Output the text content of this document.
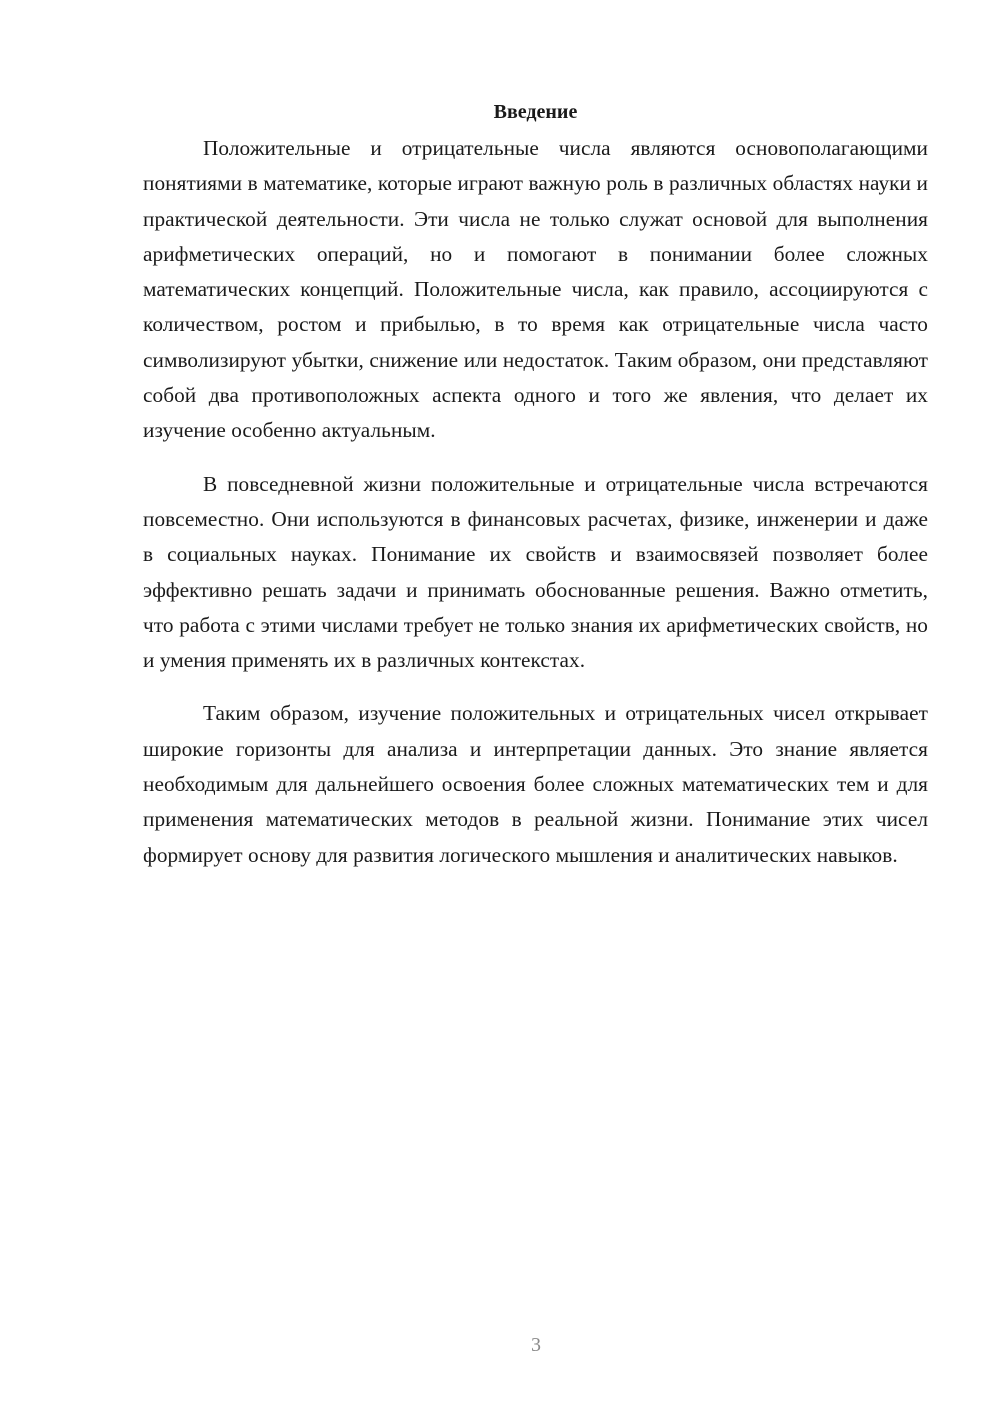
Введение

Положительные и отрицательные числа являются основополагающими понятиями в математике, которые играют важную роль в различных областях науки и практической деятельности. Эти числа не только служат основой для выполнения арифметических операций, но и помогают в понимании более сложных математических концепций. Положительные числа, как правило, ассоциируются с количеством, ростом и прибылью, в то время как отрицательные числа часто символизируют убытки, снижение или недостаток. Таким образом, они представляют собой два противоположных аспекта одного и того же явления, что делает их изучение особенно актуальным.

В повседневной жизни положительные и отрицательные числа встречаются повсеместно. Они используются в финансовых расчетах, физике, инженерии и даже в социальных науках. Понимание их свойств и взаимосвязей позволяет более эффективно решать задачи и принимать обоснованные решения. Важно отметить, что работа с этими числами требует не только знания их арифметических свойств, но и умения применять их в различных контекстах.

Таким образом, изучение положительных и отрицательных чисел открывает широкие горизонты для анализа и интерпретации данных. Это знание является необходимым для дальнейшего освоения более сложных математических тем и для применения математических методов в реальной жизни. Понимание этих чисел формирует основу для развития логического мышления и аналитических навыков.

3
